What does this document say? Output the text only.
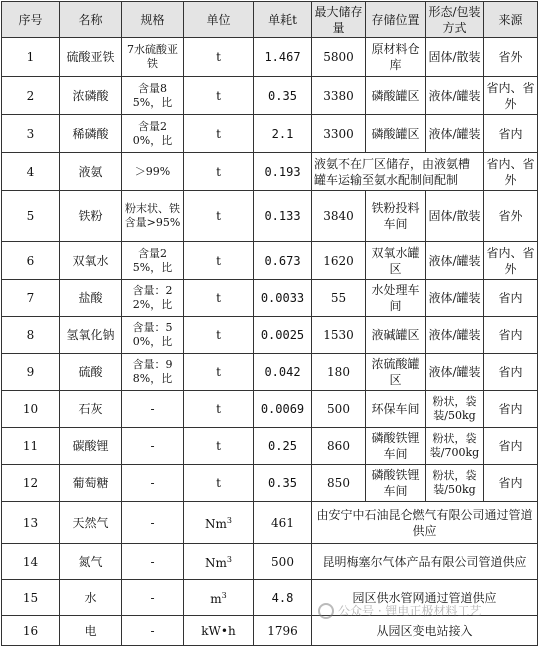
序号	名称	规格	单位	单耗t	最大储存量	存储位置	形态/包装方式	来源
1	硫酸亚铁	7水硫酸亚铁	t	1.467	5800	原材料仓库	固体/散装	省外
2	浓磷酸	含量85%，比	t	0.35	3380	磷酸罐区	液体/罐装	省内、省外
3	稀磷酸	含量20%，比	t	2.1	3300	磷酸罐区	液体/罐装	省内
4	液氨	＞99%	t	0.193	液氨不在厂区储存，由液氨槽罐车运输至氨水配制间配制			省内、省外
5	铁粉	粉末状、铁含量>95%	t	0.133	3840	铁粉投料车间	固体/散装	省外
6	双氧水	含量25%，比	t	0.673	1620	双氧水罐区	液体/罐装	省内、省外
7	盐酸	含量：22%，比	t	0.0033	55	水处理车间	液体/罐装	省内
8	氢氧化钠	含量：50%，比	t	0.0025	1530	液碱罐区	液体/罐装	省内
9	硫酸	含量：98%，比	t	0.042	180	浓硫酸罐区	液体/罐装	省内
10	石灰	-	t	0.0069	500	环保车间	粉状，袋装/50kg	省内
11	碳酸锂	-	t	0.25	860	磷酸铁锂车间	粉状，袋装/700kg	省内
12	葡萄糖	-	t	0.35	850	磷酸铁锂车间	粉状，袋装/50kg	省内
13	天然气	-	Nm$^3$	461	由安宁中石油昆仑燃气有限公司通过管道供应			
14	氮气	-	Nm$^3$	500	昆明梅塞尔气体产品有限公司管道供应			
15	水	-	$m^3$	4.8	园区供水管网通过管道供应			
16	电	-	kW•h	1796	从园区变电站接入			
公众号 · 锂电正极材料工艺
